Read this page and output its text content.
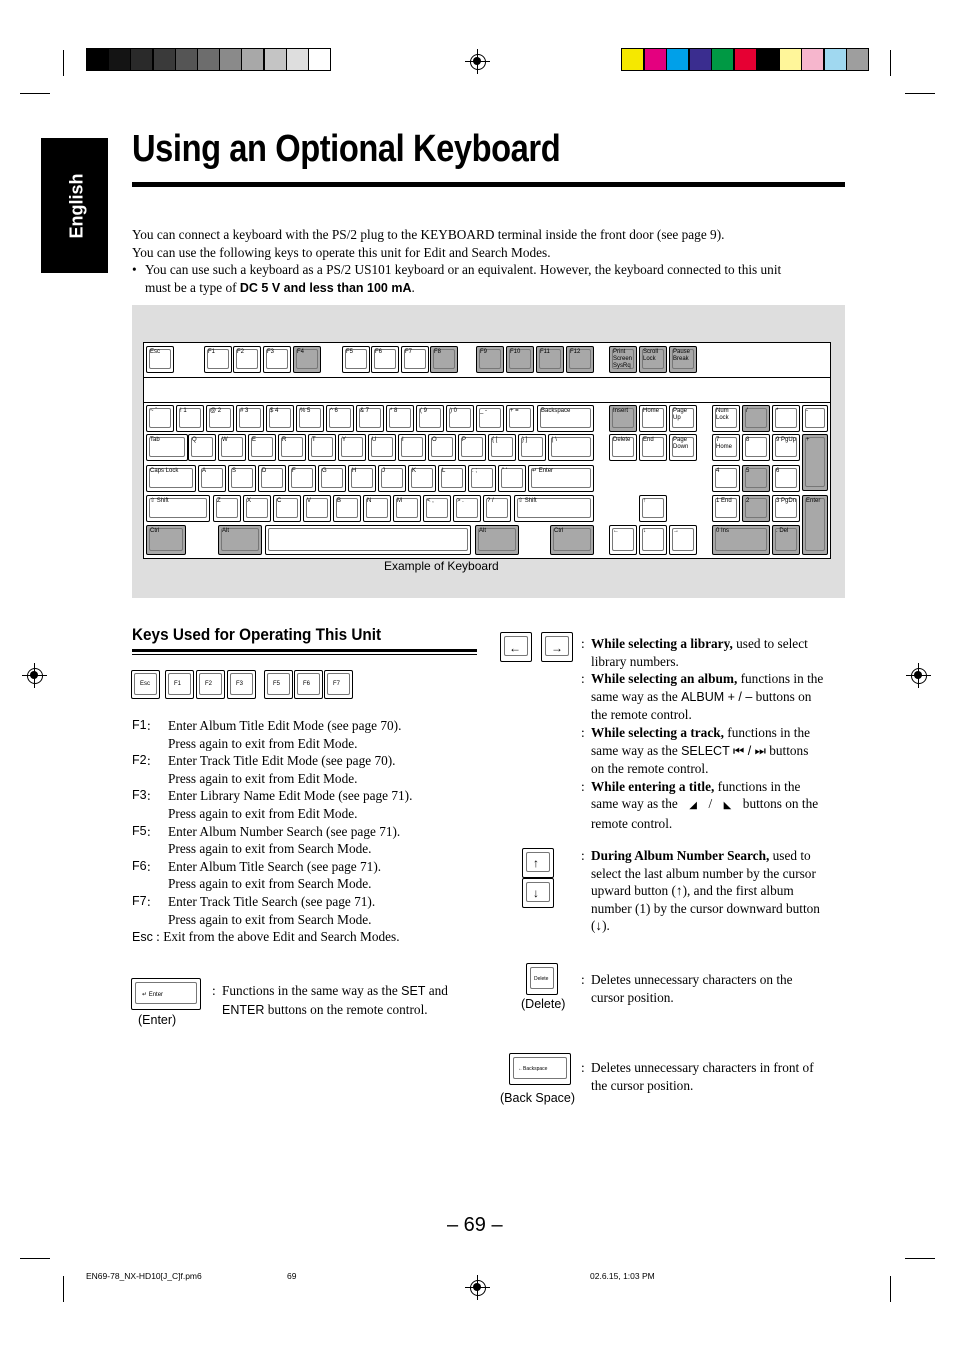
English
Using an Optional Keyboard
You can connect a keyboard with the PS/2 plug to the KEYBOARD terminal inside the front door (see page 9).
You can use the following keys to operate this unit for Edit and Search Modes.
• You can use such a keyboard as a PS/2 US101 keyboard or an equivalent. However, the keyboard connected to this unit
must be a type of DC 5 V and less than 100 mA.
Esc	F1	F2	F3	F4	F5	F6	F7	F8	F9	F10	F11	F12	Print Screen SysRq
Scroll Lock
Pause Break
~ `	! 1	@ 2	# 3	$ 4	% 5	^ 6	& 7	* 8	( 9	) 0	_ -	+ =	Backspace
Tab	Q	W	E	R	T	Y	U	I	O	P	{ [	} ]	| \
Caps Lock	A	S	D	F	G	H	J	K	L	: ;	" '	↵ Enter
⇧ Shift	Z	X	C	V	B	N	M	< ,	> .	? /	⇧ Shift
Ctrl	Alt	Alt	Ctrl
Insert	Home	Page Up
Delete	End	Page Down
↑
←	↓	→
Num Lock
/	*	-
7 Home
8	9 PgUp	+
4	5	6
1 End	2	3 PgDn	Enter
0 Ins	. Del
Example of Keyboard
Keys Used for Operating This Unit
Esc	F1	F2	F3	F5	F6	F7
F1 : Enter Album Title Edit Mode (see page 70).
Press again to exit from Edit Mode.
F2 : Enter Track Title Edit Mode (see page 70).
Press again to exit from Edit Mode.
F3 : Enter Library Name Edit Mode (see page 71).
Press again to exit from Edit Mode.
F5 : Enter Album Number Search (see page 71).
Press again to exit from Search Mode.
F6 : Enter Album Title Search (see page 71).
Press again to exit from Search Mode.
F7 : Enter Track Title Search (see page 71).
Press again to exit from Search Mode.
Esc : Exit from the above Edit and Search Modes.
↵ Enter
(Enter)
: Functions in the same way as the SET and
ENTER buttons on the remote control.
←	→ : While selecting a library, used to select
library numbers.
: While selecting an album, functions in the
same way as the ALBUM + / – buttons on
the remote control.
: While selecting a track, functions in the
same way as the SELECT ⏮ / ⏭ buttons
on the remote control.
: While entering a title, functions in the
same way as the ◢ / ◣ buttons on the
remote control.
↑
↓
: During Album Number Search, used to
select the last album number by the cursor
upward button (↑), and the first album
number (1) by the cursor downward button
(↓).
Delete
(Delete)
: Deletes unnecessary characters on the
cursor position.
←Backspace
(Back Space)
: Deletes unnecessary characters in front of
the cursor position.
– 69 –
EN69-78_NX-HD10[J_C]f.pm6	69	02.6.15, 1:03 PM
